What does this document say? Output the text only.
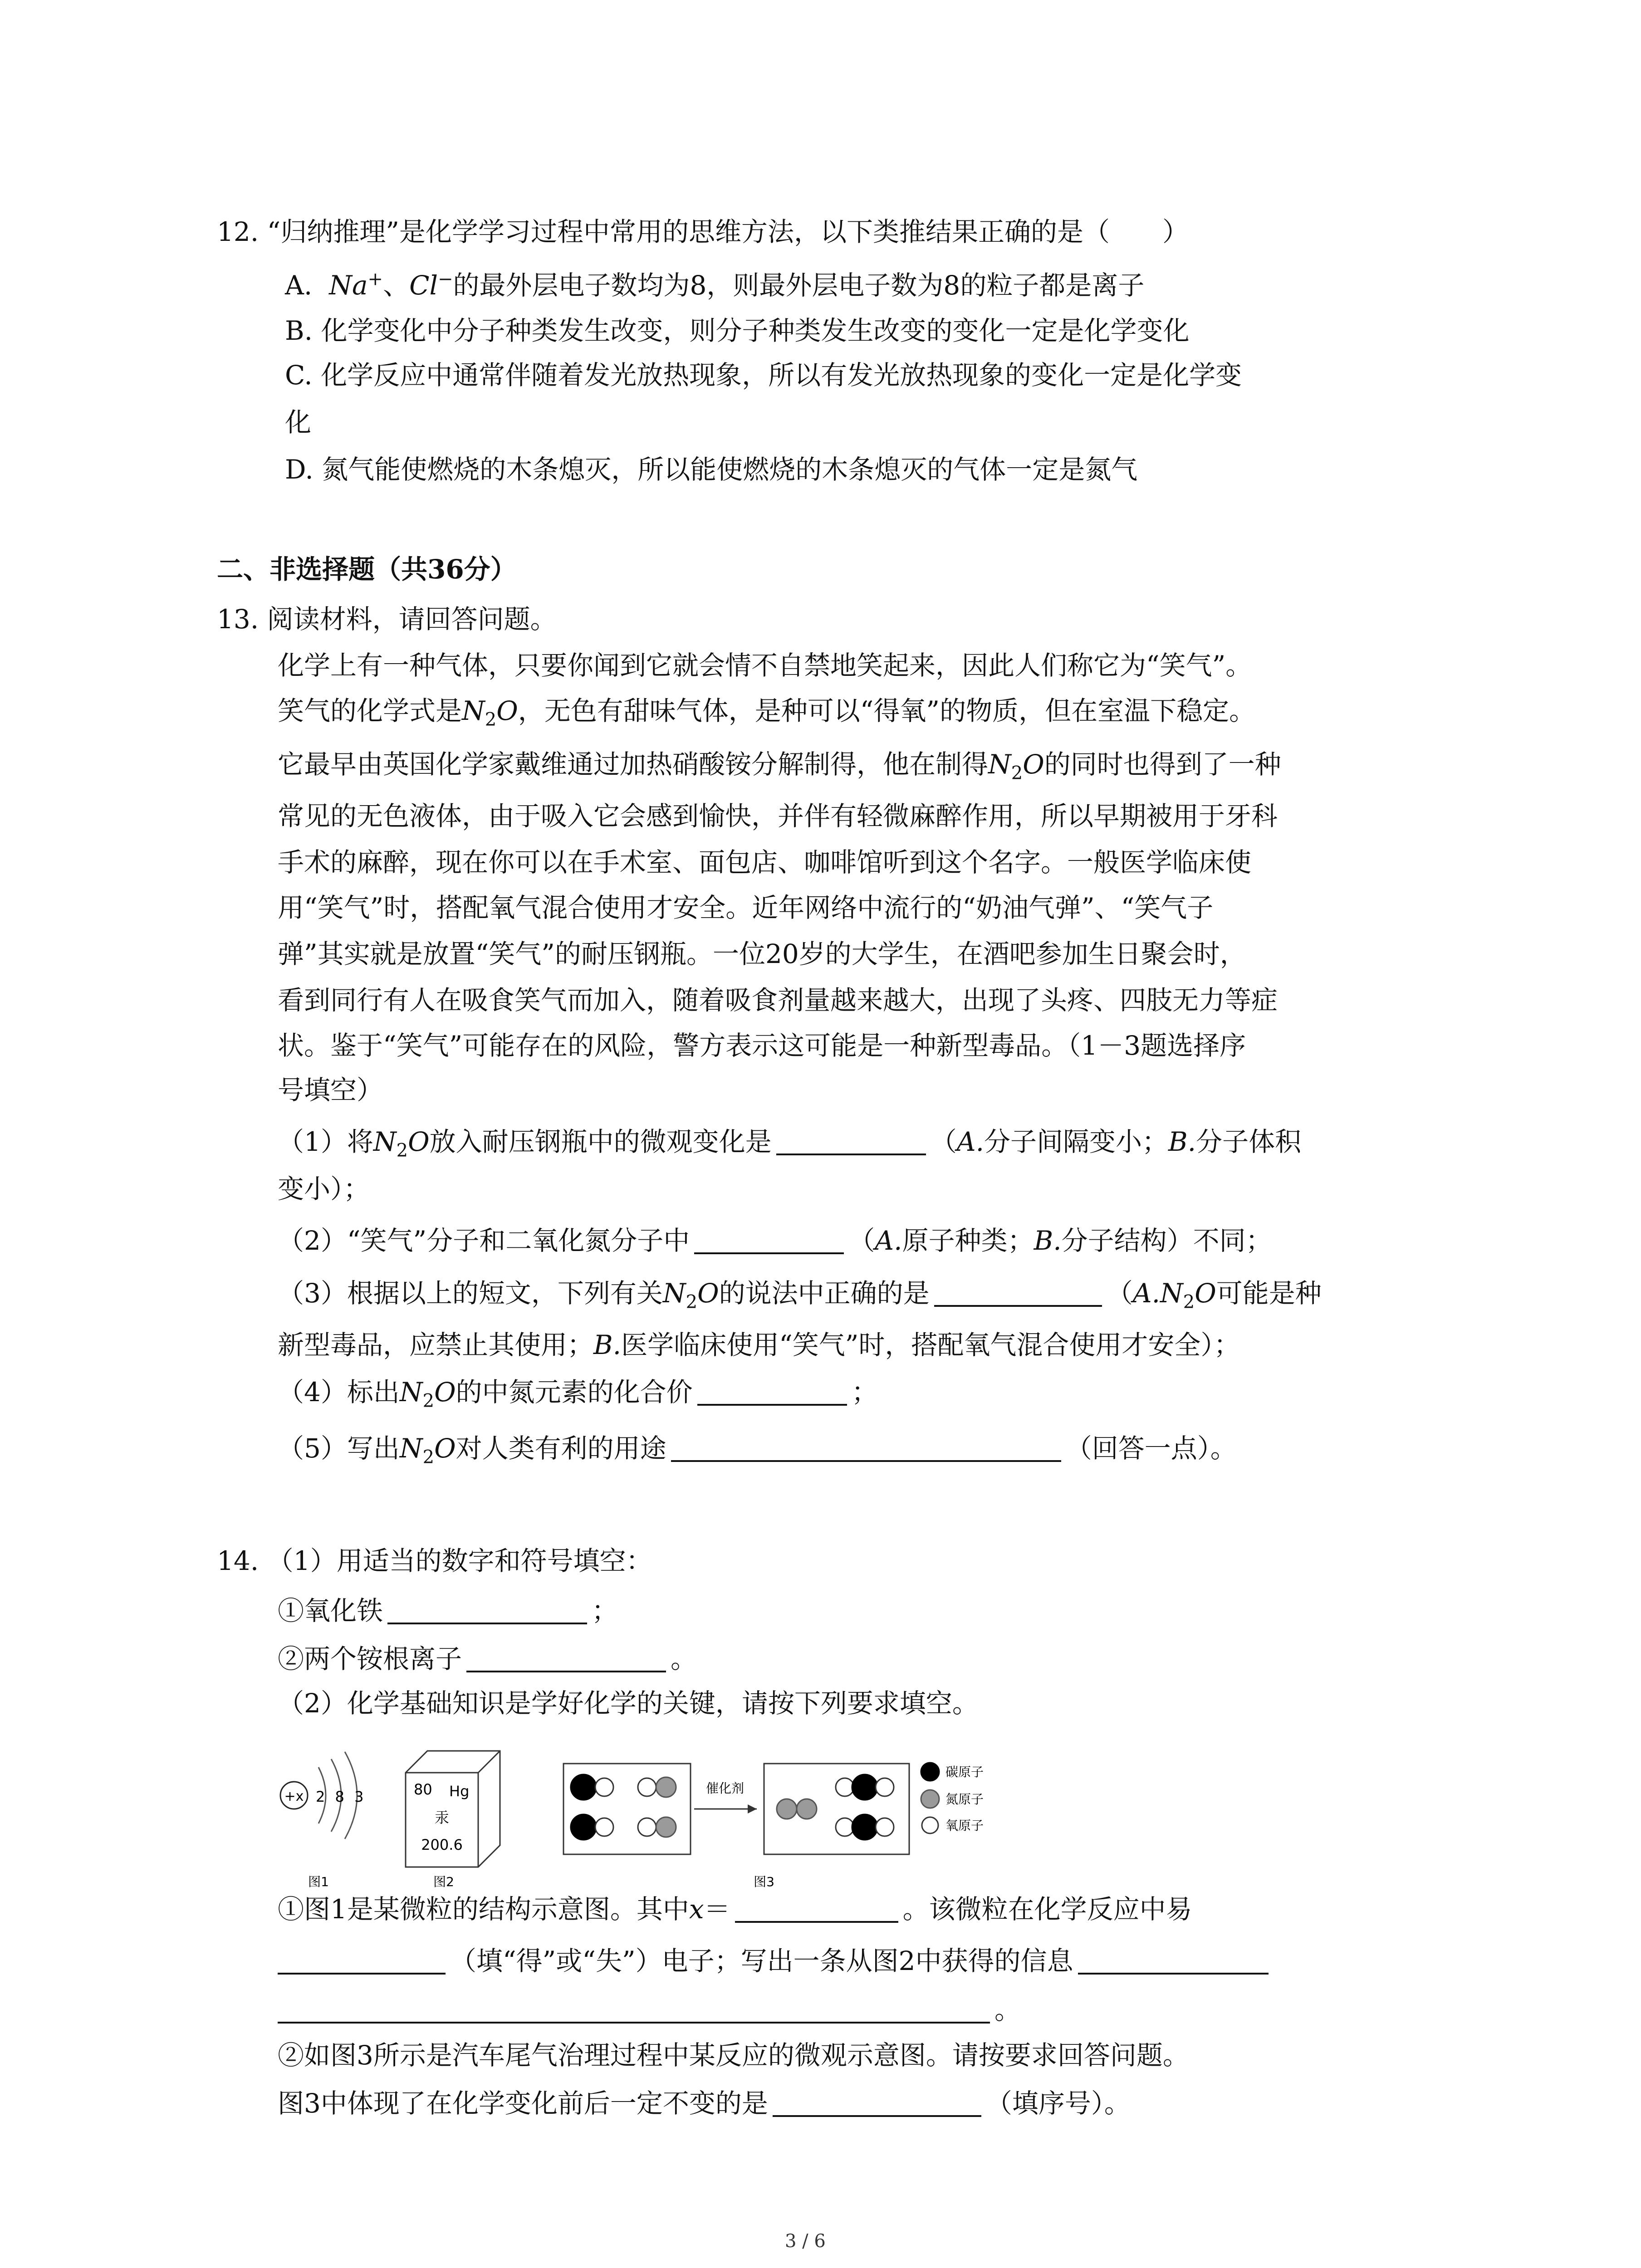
12. “归纳推理”是化学学习过程中常用的思维方法，以下类推结果正确的是（　　）
A. Na+、Cl−的最外层电子数均为8，则最外层电子数为8的粒子都是离子
B. 化学变化中分子种类发生改变，则分子种类发生改变的变化一定是化学变化
C. 化学反应中通常伴随着发光放热现象，所以有发光放热现象的变化一定是化学变
化
D. 氮气能使燃烧的木条熄灭，所以能使燃烧的木条熄灭的气体一定是氮气
二、非选择题（共36分）
13. 阅读材料，请回答问题。
化学上有一种气体，只要你闻到它就会情不自禁地笑起来，因此人们称它为“笑气”。
笑气的化学式是$N_2O$，无色有甜味气体，是种可以“得氧”的物质，但在室温下稳定。
它最早由英国化学家戴维通过加热硝酸铵分解制得，他在制得$N_2O$的同时也得到了一种
常见的无色液体，由于吸入它会感到愉快，并伴有轻微麻醉作用，所以早期被用于牙科
手术的麻醉，现在你可以在手术室、面包店、咖啡馆听到这个名字。一般医学临床使
用“笑气”时，搭配氧气混合使用才安全。近年网络中流行的“奶油气弹”、“笑气子
弹”其实就是放置“笑气”的耐压钢瓶。一位20岁的大学生，在酒吧参加生日聚会时，
看到同行有人在吸食笑气而加入，随着吸食剂量越来越大，出现了头疼、四肢无力等症
状。鉴于“笑气”可能存在的风险，警方表示这可能是一种新型毒品。（1－3题选择序
号填空）
（1）将$N_2O$放入耐压钢瓶中的微观变化是	（A.分子间隔变小；B.分子体积
变小）；
（2）“笑气”分子和二氧化氮分子中	（A.原子种类；B.分子结构）不同；
（3）根据以上的短文，下列有关$N_2O$的说法中正确的是	（$A.N_2O$可能是种
新型毒品，应禁止其使用；B.医学临床使用“笑气”时，搭配氧气混合使用才安全）；
（4）标出$N_2O$的中氮元素的化合价	；
（5）写出$N_2O$对人类有利的用途	（回答一点）。
14. （1）用适当的数字和符号填空：
①氧化铁	；
②两个铵根离子	。
（2）化学基础知识是学好化学的关键，请按下列要求填空。
+x 2 8 3
图1
80 Hg
汞
200.6
图2
催化剂
碳原子
氮原子
氧原子
图3
①图1是某微粒的结构示意图。其中x＝	。该微粒在化学反应中易
（填“得”或“失”）电子；写出一条从图2中获得的信息
。
②如图3所示是汽车尾气治理过程中某反应的微观示意图。请按要求回答问题。
图3中体现了在化学变化前后一定不变的是	（填序号）。
3 / 6
